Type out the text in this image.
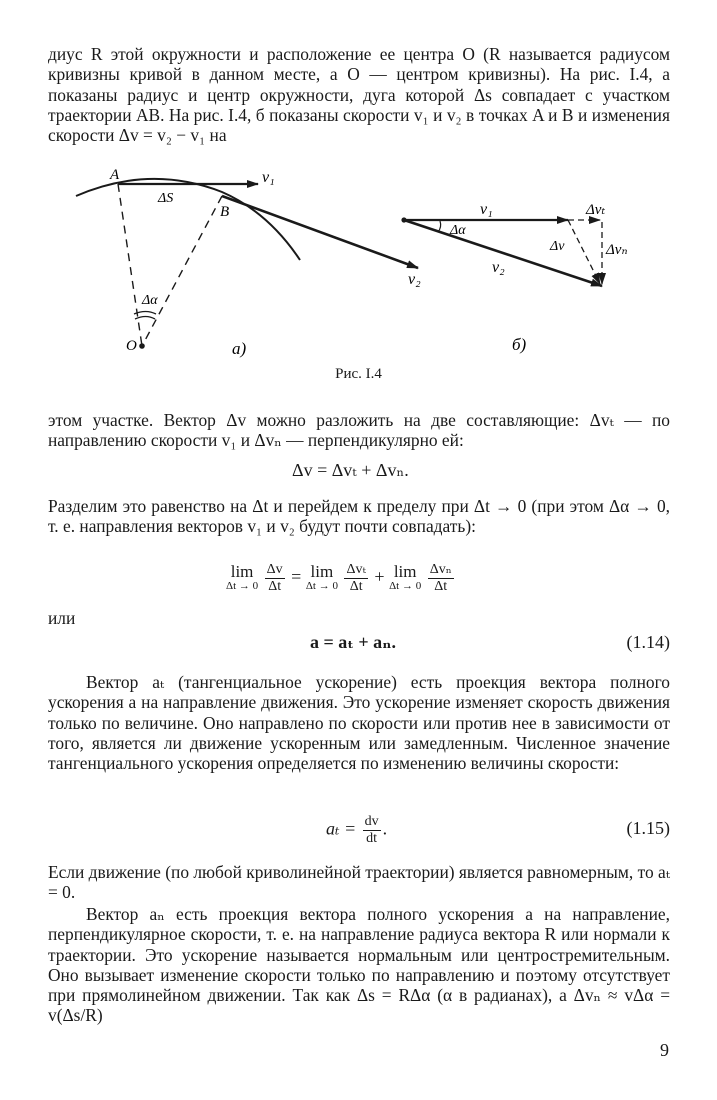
диус R этой окружности и расположение ее центра O (R называется радиусом кривизны кривой в данном месте, а O — центром кривизны). На рис. I.4, а показаны радиус и центр окружности, дуга которой Δs совпадает с участком траектории AB. На рис. I.4, б показаны скорости v₁ и v₂ в точках A и B и изменения скорости Δv = v₂ − v₁ на
A
B
O
ΔS
Δα
v₁
v₂
a)
v₁
v₂
Δα
Δv
Δvₜ
Δvₙ
б)
Рис. I.4
этом участке. Вектор Δv можно разложить на две составляющие: Δvₜ — по направлению скорости v₁ и Δvₙ — перпендикулярно ей:
Δv = Δvₜ + Δvₙ.
Разделим это равенство на Δt и перейдем к пределу при Δt → 0 (при этом Δα → 0, т. е. направления векторов v₁ и v₂ будут почти совпадать):
lim
Δt → 0
$\frac{\Delta v}{\Delta t} = \lim$
Δt → 0
$\frac{\text{Δvₜ}}{\Delta t} + \lim$
Δt → 0
$\frac{\text{Δvₙ}}{\Delta t}$
или
a = aₜ + aₙ.	(1.14)
Вектор aₜ (тангенциальное ускорение) есть проекция вектора полного ускорения a на направление движения. Это ускорение изменяет скорость движения только по величине. Оно направлено по скорости или против нее в зависимости от того, является ли движение ускоренным или замедленным. Численное значение тангенциального ускорения определяется по изменению величины скорости:
$a_t = \frac{dv}{dt}$ .	(1.15)
Если движение (по любой криволинейной траектории) является равномерным, то aₜ = 0.
Вектор aₙ есть проекция вектора полного ускорения a на направление, перпендикулярное скорости, т. е. на направление радиуса вектора R или нормали к траектории. Это ускорение называется нормальным или центростремительным. Оно вызывает изменение скорости только по направлению и поэтому отсутствует при прямолинейном движении. Так как Δs = RΔα (α в радианах), а Δvₙ ≈ vΔα = v(Δs/R)
9
